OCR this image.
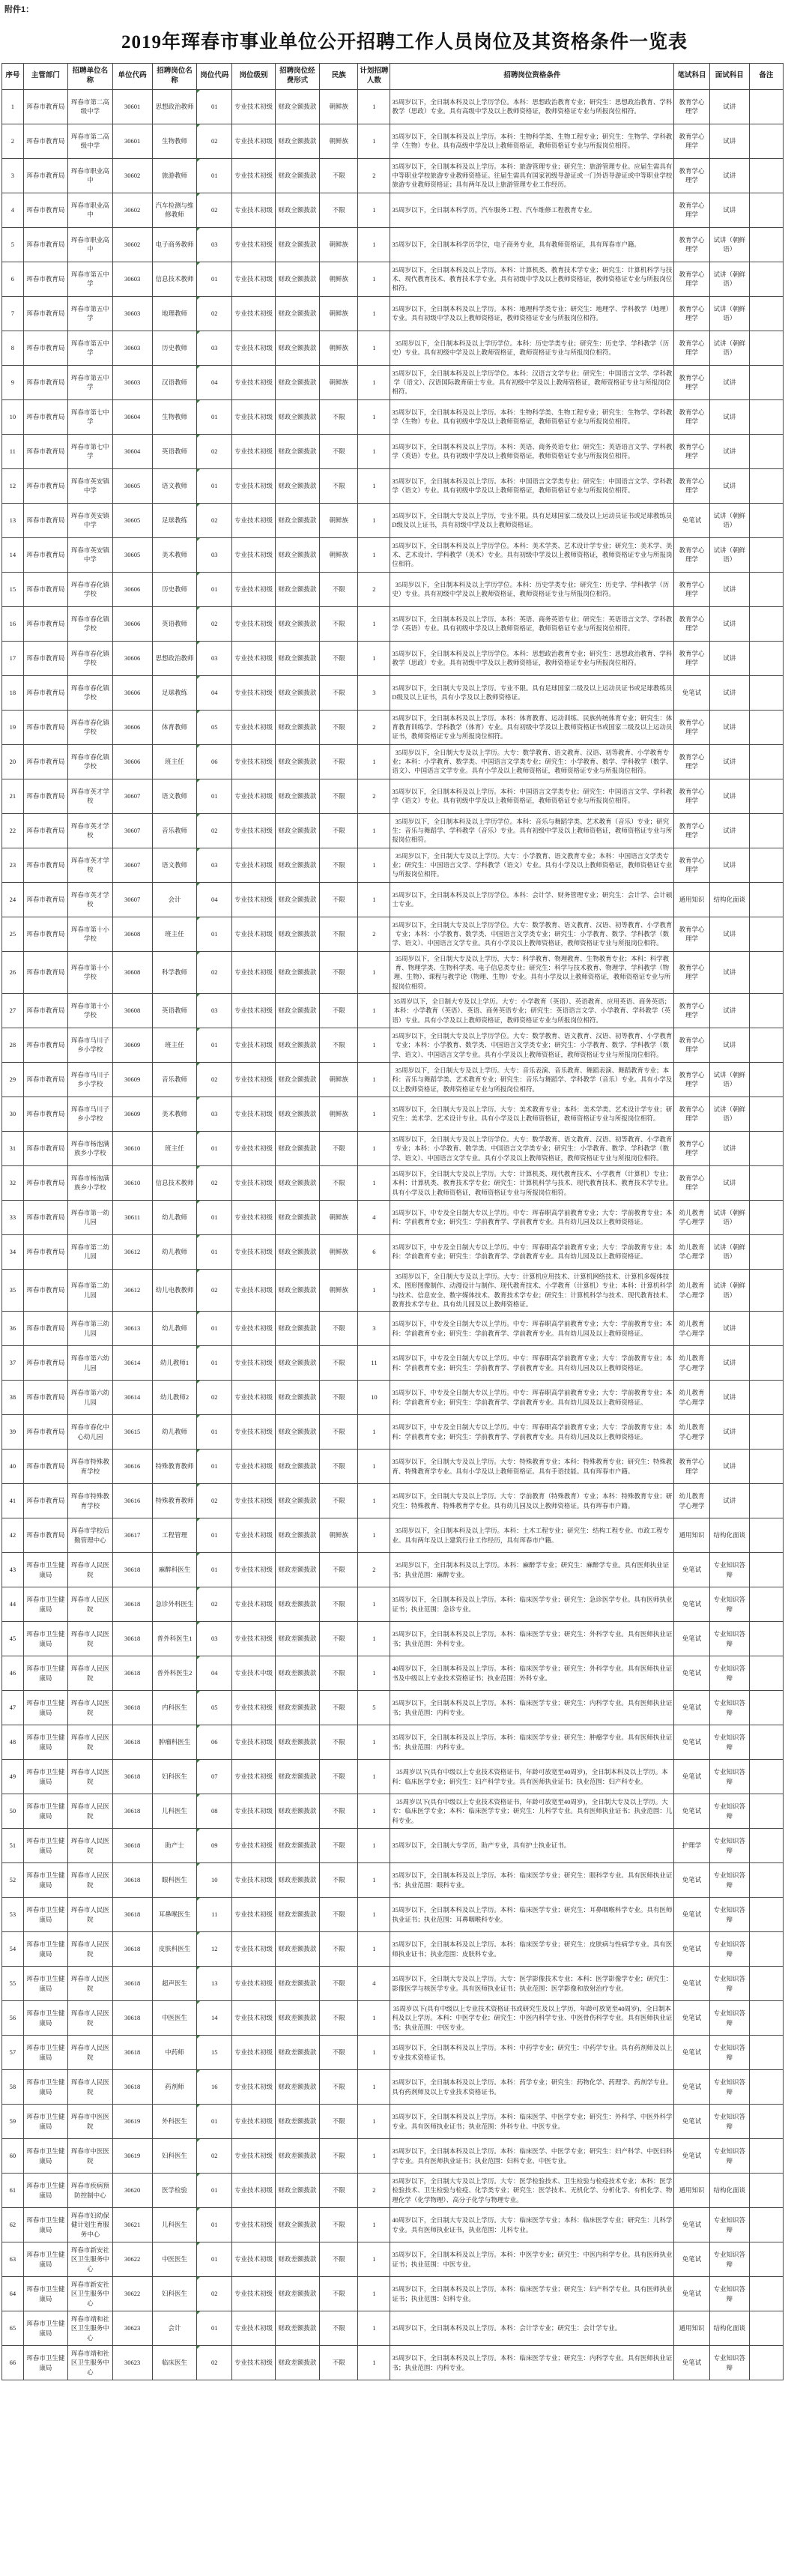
附件1：
2019年珲春市事业单位公开招聘工作人员岗位及其资格条件一览表
序号	主管部门	招聘单位名称	单位代码	招聘岗位名称	岗位代码	岗位级别	招聘岗位经费形式	民族	计划招聘人数	招聘岗位资格条件	笔试科目	面试科目	备注
1	珲春市教育局	珲春市第二高级中学	30601	思想政治教师	01	专业技术初级	财政全额拨款	朝鲜族	1	35周岁以下，全日制本科及以上学历学位。本科：思想政治教育专业；研究生：思想政治教育、学科教学（思政）专业。具有高级中学及以上教师资格证，教师资格证专业与所报岗位相符。	教育学心理学	试讲	
2	珲春市教育局	珲春市第二高级中学	30601	生物教师	02	专业技术初级	财政全额拨款	朝鲜族	1	35周岁以下，全日制本科及以上学历。本科：生物科学类、生物工程专业；研究生：生物学、学科教学（生物）专业。具有高级中学及以上教师资格证，教师资格证专业与所报岗位相符。	教育学心理学	试讲	
3	珲春市教育局	珲春市职业高中	30602	旅游教师	01	专业技术初级	财政全额拨款	不限	2	35周岁以下，全日制本科及以上学历。本科：旅游管理专业；研究生：旅游管理专业。应届生需具有中等职业学校旅游专业教师资格证。往届生需具有国家初级导游证或一门外语导游证或中等职业学校旅游专业教师资格证；具有两年及以上旅游管理专业工作经历。	教育学心理学	试讲	
4	珲春市教育局	珲春市职业高中	30602	汽车检测与维修教师	02	专业技术初级	财政全额拨款	不限	1	35周岁以下，全日制本科学历，汽车服务工程、汽车维修工程教育专业。	教育学心理学	试讲	
5	珲春市教育局	珲春市职业高中	30602	电子商务教师	03	专业技术初级	财政全额拨款	朝鲜族	1	35周岁以下，全日制本科学历学位，电子商务专业，具有教师资格证，具有珲春市户籍。	教育学心理学	试讲（朝鲜语）	
6	珲春市教育局	珲春市第五中学	30603	信息技术教师	01	专业技术初级	财政全额拨款	朝鲜族	1	35周岁以下，全日制本科及以上学历。本科：计算机类、教育技术学专业；研究生：计算机科学与技术、现代教育技术、教育技术学专业。具有初级中学及以上教师资格证，教师资格证专业与所报岗位相符。	教育学心理学	试讲（朝鲜语）	
7	珲春市教育局	珲春市第五中学	30603	地理教师	02	专业技术初级	财政全额拨款	朝鲜族	1	35周岁以下，全日制本科及以上学历。本科：地理科学类专业；研究生：地理学、学科教学（地理）专业。具有初级中学及以上教师资格证，教师资格证专业与所报岗位相符。	教育学心理学	试讲（朝鲜语）	
8	珲春市教育局	珲春市第五中学	30603	历史教师	03	专业技术初级	财政全额拨款	朝鲜族	1	35周岁以下，全日制本科及以上学历学位。本科：历史学类专业；研究生：历史学、学科教学（历史）专业。具有初级中学及以上教师资格证，教师资格证专业与所报岗位相符。	教育学心理学	试讲（朝鲜语）	
9	珲春市教育局	珲春市第五中学	30603	汉语教师	04	专业技术初级	财政全额拨款	朝鲜族	1	35周岁以下，全日制本科及以上学历学位。本科：汉语言文学专业；研究生：中国语言文学、学科教学（语文）、汉语国际教育硕士专业。具有初级中学及以上教师资格证，教师资格证专业与所报岗位相符。	教育学心理学	试讲	
10	珲春市教育局	珲春市第七中学	30604	生物教师	01	专业技术初级	财政全额拨款	不限	1	35周岁以下，全日制本科及以上学历。本科：生物科学类、生物工程专业；研究生：生物学、学科教学（生物）专业。具有初级中学及以上教师资格证，教师资格证专业与所报岗位相符。	教育学心理学	试讲	
11	珲春市教育局	珲春市第七中学	30604	英语教师	02	专业技术初级	财政全额拨款	不限	1	35周岁以下，全日制本科及以上学历。本科：英语、商务英语专业；研究生：英语语言文学、学科教学（英语）专业。具有初级中学及以上教师资格证，教师资格证专业与所报岗位相符。	教育学心理学	试讲	
12	珲春市教育局	珲春市英安镇中学	30605	语文教师	01	专业技术初级	财政全额拨款	不限	1	35周岁以下，全日制本科及以上学历。本科：中国语言文学类专业；研究生：中国语言文学、学科教学（语文）专业。具有初级中学及以上教师资格证，教师资格证专业与所报岗位相符。	教育学心理学	试讲	
13	珲春市教育局	珲春市英安镇中学	30605	足球教练	02	专业技术初级	财政全额拨款	朝鲜族	1	35周岁以下，全日制大专及以上学历，专业不限。具有足球国家二级及以上运动员证书或足球教练员D级及以上证书，具有初级中学及以上教师资格证。	免笔试	试讲（朝鲜语）	
14	珲春市教育局	珲春市英安镇中学	30605	美术教师	03	专业技术初级	财政全额拨款	朝鲜族	1	35周岁以下，全日制本科及以上学历学位。本科：美术学类、艺术设计学专业；研究生：美术学、美术、艺术设计、学科教学（美术）专业。具有初级中学及以上教师资格证，教师资格证专业与所报岗位相符。	教育学心理学	试讲（朝鲜语）	
15	珲春市教育局	珲春市春化镇学校	30606	历史教师	01	专业技术初级	财政全额拨款	不限	2	35周岁以下，全日制本科及以上学历学位。本科：历史学类专业；研究生：历史学、学科教学（历史）专业。具有初级中学及以上教师资格证，教师资格证专业与所报岗位相符。	教育学心理学	试讲	
16	珲春市教育局	珲春市春化镇学校	30606	英语教师	02	专业技术初级	财政全额拨款	不限	1	35周岁以下，全日制本科及以上学历。本科：英语、商务英语专业；研究生：英语语言文学、学科教学（英语）专业。具有初级中学及以上教师资格证，教师资格证专业与所报岗位相符。	教育学心理学	试讲	
17	珲春市教育局	珲春市春化镇学校	30606	思想政治教师	03	专业技术初级	财政全额拨款	不限	1	35周岁以下，全日制本科及以上学历学位。本科：思想政治教育专业；研究生：思想政治教育、学科教学（思政）专业。具有初级中学及以上教师资格证，教师资格证专业与所报岗位相符。	教育学心理学	试讲	
18	珲春市教育局	珲春市春化镇学校	30606	足球教练	04	专业技术初级	财政全额拨款	不限	3	35周岁以下，全日制大专及以上学历。专业不限。具有足球国家二级及以上运动员证书或足球教练员D级及以上证书，具有小学及以上教师资格证。	免笔试	试讲	
19	珲春市教育局	珲春市春化镇学校	30606	体育教师	05	专业技术初级	财政全额拨款	不限	2	35周岁以下，全日制本科及以上学历。本科：体育教育、运动训练、民族传统体育专业；研究生：体育教育训练学、学科教学（体育）专业。具有初级中学及以上教师资格证书或国家二级及以上运动员证书，教师资格证专业与所报岗位相符。	教育学心理学	试讲	
20	珲春市教育局	珲春市春化镇学校	30606	班主任	06	专业技术初级	财政全额拨款	不限	1	35周岁以下，全日制大专及以上学历。大专：数学教育、语文教育、汉语、初等教育、小学教育专业；本科：小学教育、数学类、中国语言文学类专业；研究生：小学教育、数学、学科教学（数学、语文）、中国语言文学专业。具有小学及以上教师资格证，教师资格证专业与所报岗位相符。	教育学心理学	试讲	
21	珲春市教育局	珲春市英才学校	30607	语文教师	01	专业技术初级	财政全额拨款	不限	2	35周岁以下，全日制本科及以上学历。本科：中国语言文学类专业；研究生：中国语言文学、学科教学（语文）专业。具有初级中学及以上教师资格证，教师资格证专业与所报岗位相符。	教育学心理学	试讲	
22	珲春市教育局	珲春市英才学校	30607	音乐教师	02	专业技术初级	财政全额拨款	不限	1	35周岁以下，全日制本科及以上学历学位。本科：音乐与舞蹈学类、艺术教育（音乐）专业；研究生：音乐与舞蹈学、学科教学（音乐）专业。具有初级中学及以上教师资格证，教师资格证专业与所报岗位相符。	教育学心理学	试讲	
23	珲春市教育局	珲春市英才学校	30607	语文教师	03	专业技术初级	财政全额拨款	不限	1	35周岁以下，全日制大专及以上学历。大专：小学教育、语文教育专业；本科：中国语言文学类专业；研究生：中国语言文学、学科教学（语文）专业。具有小学及以上教师资格证，教师资格证专业与所报岗位相符。	教育学心理学	试讲	
24	珲春市教育局	珲春市英才学校	30607	会计	04	专业技术初级	财政全额拨款	不限	1	35周岁以下，全日制本科及以上学历学位。本科：会计学、财务管理专业；研究生：会计学、会计硕士专业。	通用知识	结构化面谈	
25	珲春市教育局	珲春市第十小学校	30608	班主任	01	专业技术初级	财政全额拨款	不限	2	35周岁以下，全日制大专及以上学历学位。大专：数学教育、语文教育、汉语、初等教育、小学教育专业；本科：小学教育、数学类、中国语言文学类专业；研究生：小学教育、数学、学科教学（数学、语文）、中国语言文学专业。具有小学及以上教师资格证，教师资格证专业与所报岗位相符。	教育学心理学	试讲	
26	珲春市教育局	珲春市第十小学校	30608	科学教师	02	专业技术初级	财政全额拨款	不限	1	35周岁以下，全日制大专及以上学历，大专：科学教育、物理教育、生物教育专业；本科：科学教育、物理学类、生物科学类、电子信息类专业；研究生：科学与技术教育、物理学、学科教学（物理、生物）、课程与教学论（物理、生物）专业。具有小学及以上教师资格证，教师资格证专业与所报岗位相符。	教育学心理学	试讲	
27	珲春市教育局	珲春市第十小学校	30608	英语教师	03	专业技术初级	财政全额拨款	不限	1	35周岁以下，全日制大专及以上学历。大专：小学教育（英语）、英语教育、应用英语、商务英语；本科：小学教育（英语）、英语、商务英语专业；研究生：英语语言文学、小学教育、学科教学（英语）专业。具有小学及以上教师资格证，教师资格证专业与所报岗位相符。	教育学心理学	试讲	
28	珲春市教育局	珲春市马川子乡小学校	30609	班主任	01	专业技术初级	财政全额拨款	不限	1	35周岁以下，全日制大专及以上学历学位。大专：数学教育、语文教育、汉语、初等教育、小学教育专业；本科：小学教育、数学类、中国语言文学类专业；研究生：小学教育、数学、学科教学（数学、语文）、中国语言文学专业。具有小学及以上教师资格证，教师资格证专业与所报岗位相符。	教育学心理学	试讲	
29	珲春市教育局	珲春市马川子乡小学校	30609	音乐教师	02	专业技术初级	财政全额拨款	朝鲜族	1	35周岁以下，全日制大专及以上学历。大专：音乐表演、音乐教育、舞蹈表演、舞蹈教育专业；本科：音乐与舞蹈学类、艺术教育专业；研究生：音乐与舞蹈学、学科教学（音乐）专业。具有小学及以上教师资格证，教师资格证专业与所报岗位相符。	教育学心理学	试讲（朝鲜语）	
30	珲春市教育局	珲春市马川子乡小学校	30609	美术教师	03	专业技术初级	财政全额拨款	朝鲜族	1	35周岁以下，全日制大专及以上学历。大专：美术教育专业；本科：美术学类、艺术设计学专业；研究生：美术学、艺术设计专业。具有小学及以上教师资格证，教师资格证专业与所报岗位相符。	教育学心理学	试讲（朝鲜语）	
31	珲春市教育局	珲春市杨泡满族乡小学校	30610	班主任	01	专业技术初级	财政全额拨款	不限	1	35周岁以下，全日制大专及以上学历学位。大专：数学教育、语文教育、汉语、初等教育、小学教育专业；本科：小学教育、数学类、中国语言文学类专业；研究生：小学教育、数学、学科教学（数学、语文）、中国语言文学专业。具有小学及以上教师资格证，教师资格证专业与所报岗位相符。	教育学心理学	试讲	
32	珲春市教育局	珲春市杨泡满族乡小学校	30610	信息技术教师	02	专业技术初级	财政全额拨款	不限	1	35周岁以下，全日制大专及以上学历。大专：计算机类、现代教育技术、小学教育（计算机）专业；本科：计算机类、教育技术学专业；研究生：计算机科学与技术、现代教育技术、教育技术学专业。具有小学及以上教师资格证，教师资格证专业与所报岗位相符。	教育学心理学	试讲	
33	珲春市教育局	珲春市第一幼儿园	30611	幼儿教师	01	专业技术初级	财政全额拨款	朝鲜族	4	35周岁以下，中专及全日制大专以上学历。中专：珲春职高学前教育专业；大专：学前教育专业；本科：学前教育专业；研究生：学前教育学、学前教育专业。具有幼儿园及以上教师资格证。	幼儿教育学心理学	试讲（朝鲜语）	
34	珲春市教育局	珲春市第二幼儿园	30612	幼儿教师	01	专业技术初级	财政全额拨款	朝鲜族	6	35周岁以下，中专及全日制大专以上学历。中专：珲春职高学前教育专业；大专：学前教育专业；本科：学前教育专业；研究生：学前教育学、学前教育专业。具有幼儿园及以上教师资格证。	幼儿教育学心理学	试讲（朝鲜语）	
35	珲春市教育局	珲春市第二幼儿园	30612	幼儿电教教师	02	专业技术初级	财政全额拨款	朝鲜族	1	35周岁以下，全日制大专及以上学历。大专：计算机应用技术、计算机网络技术、计算机多媒体技术、图形图像制作、动漫设计与制作、现代教育技术、小学教育（计算机）专业；本科：计算机科学与技术、信息安全、数字媒体技术、教育技术学专业；研究生：计算机科学与技术、现代教育技术、教育技术学专业。具有幼儿园及以上教师资格证。	幼儿教育学心理学	试讲（朝鲜语）	
36	珲春市教育局	珲春市第三幼儿园	30613	幼儿教师	01	专业技术初级	财政全额拨款	不限	3	35周岁以下，中专及全日制大专以上学历。中专：珲春职高学前教育专业；大专：学前教育专业；本科：学前教育专业；研究生：学前教育学、学前教育专业。具有幼儿园及以上教师资格证。	幼儿教育学心理学	试讲	
37	珲春市教育局	珲春市第六幼儿园	30614	幼儿教师1	01	专业技术初级	财政全额拨款	不限	11	35周岁以下，中专及全日制大专以上学历。中专：珲春职高学前教育专业；大专：学前教育专业；本科：学前教育专业；研究生：学前教育学、学前教育专业。具有幼儿园及以上教师资格证。	幼儿教育学心理学	试讲	
38	珲春市教育局	珲春市第六幼儿园	30614	幼儿教师2	02	专业技术初级	财政全额拨款	不限	10	35周岁以下，中专及全日制大专以上学历。中专：珲春职高学前教育专业；大专：学前教育专业；本科：学前教育专业；研究生：学前教育学、学前教育专业。具有幼儿园及以上教师资格证。	幼儿教育学心理学	试讲	
39	珲春市教育局	珲春市春化中心幼儿园	30615	幼儿教师	01	专业技术初级	财政全额拨款	不限	1	35周岁以下，中专及全日制大专以上学历。中专：珲春职高学前教育专业；大专：学前教育专业；本科：学前教育专业；研究生：学前教育学、学前教育专业。具有幼儿园及以上教师资格证。	幼儿教育学心理学	试讲	
40	珲春市教育局	珲春市特殊教育学校	30616	特殊教育教师	01	专业技术初级	财政全额拨款	不限	1	35周岁以下，全日制大专及以上学历。大专：特殊教育专业；本科：特殊教育专业；研究生：特殊教育、特殊教育学专业。具有小学及以上教师资格证。具有手语技能。具有珲春市户籍。	教育学心理学	试讲	
41	珲春市教育局	珲春市特殊教育学校	30616	特殊教育教师	02	专业技术初级	财政全额拨款	不限	1	35周岁以下，全日制大专及以上学历。大专：学前教育（特殊教育）专业；本科：特殊教育专业；研究生：特殊教育、特殊教育学专业。具有幼儿园及以上教师资格证。具有珲春市户籍。	幼儿教育学心理学	试讲	
42	珲春市教育局	珲春市学校后勤管理中心	30617	工程管理	01	专业技术初级	财政全额拨款	朝鲜族	1	35周岁以下，全日制本科及以上学历。本科：土木工程专业；研究生：结构工程专业、市政工程专业。具有两年及以上建筑行业工作经历，具有珲春市户籍。	通用知识	结构化面谈	
43	珲春市卫生健康局	珲春市人民医院	30618	麻醉科医生	01	专业技术初级	财政差额拨款	不限	2	35周岁以下，全日制本科及以上学历。本科：麻醉学专业；研究生：麻醉学专业。具有医师执业证书；执业范围：麻醉专业。	免笔试	专业知识答辩	
44	珲春市卫生健康局	珲春市人民医院	30618	急诊外科医生	02	专业技术初级	财政差额拨款	不限	1	35周岁以下，全日制本科及以上学历。本科：临床医学专业；研究生：急诊医学专业。具有医师执业证书；执业范围：急诊专业。	免笔试	专业知识答辩	
45	珲春市卫生健康局	珲春市人民医院	30618	普外科医生1	03	专业技术初级	财政差额拨款	不限	1	35周岁以下，全日制本科及以上学历。本科：临床医学专业；研究生：外科学专业。具有医师执业证书；执业范围：外科专业。	免笔试	专业知识答辩	
46	珲春市卫生健康局	珲春市人民医院	30618	普外科医生2	04	专业技术中级	财政差额拨款	不限	1	40周岁以下，全日制本科及以上学历。本科：临床医学专业；研究生：外科学专业。具有医师执业证书及中级以上专业技术资格证书；执业范围：外科专业。	免笔试	专业知识答辩	
47	珲春市卫生健康局	珲春市人民医院	30618	内科医生	05	专业技术初级	财政差额拨款	不限	5	35周岁以下，全日制本科及以上学历。本科：临床医学专业；研究生：内科学专业。具有医师执业证书；执业范围：内科专业。	免笔试	专业知识答辩	
48	珲春市卫生健康局	珲春市人民医院	30618	肿瘤科医生	06	专业技术初级	财政差额拨款	不限	1	35周岁以下，全日制本科及以上学历。本科：临床医学专业；研究生：肿瘤学专业。具有医师执业证书；执业范围：内科专业。	免笔试	专业知识答辩	
49	珲春市卫生健康局	珲春市人民医院	30618	妇科医生	07	专业技术初级	财政差额拨款	不限	1	35周岁以下(具有中级以上专业技术资格证书，年龄可放宽至40周岁)，全日制本科及以上学历。本科：临床医学专业；研究生：妇产科学专业。具有医师执业证书；执业范围：妇产科专业。	免笔试	专业知识答辩	
50	珲春市卫生健康局	珲春市人民医院	30618	儿科医生	08	专业技术初级	财政差额拨款	不限	1	35周岁以下(具有中级以上专业技术资格证书，年龄可放宽至40周岁)，全日制大专及以上学历。大专：临床医学专业；本科：临床医学专业；研究生：儿科学专业。具有医师执业证书；执业范围：儿科专业。	免笔试	专业知识答辩	
51	珲春市卫生健康局	珲春市人民医院	30618	助产士	09	专业技术初级	财政差额拨款	不限	1	35周岁以下，全日制大专学历，助产专业，具有护士执业证书。	护理学	专业知识答辩	
52	珲春市卫生健康局	珲春市人民医院	30618	眼科医生	10	专业技术初级	财政差额拨款	不限	1	35周岁以下，全日制本科及以上学历。本科：临床医学专业；研究生：眼科学专业。具有医师执业证书；执业范围：眼科专业。	免笔试	专业知识答辩	
53	珲春市卫生健康局	珲春市人民医院	30618	耳鼻喉医生	11	专业技术初级	财政差额拨款	不限	1	35周岁以下，全日制本科及以上学历。本科：临床医学专业；研究生：耳鼻咽喉科学专业。具有医师执业证书；执业范围：耳鼻咽喉科专业。	免笔试	专业知识答辩	
54	珲春市卫生健康局	珲春市人民医院	30618	皮肤科医生	12	专业技术初级	财政差额拨款	不限	1	35周岁以下，全日制本科及以上学历。本科：临床医学专业；研究生：皮肤病与性病学专业。具有医师执业证书；执业范围：皮肤科专业。	免笔试	专业知识答辩	
55	珲春市卫生健康局	珲春市人民医院	30618	超声医生	13	专业技术初级	财政差额拨款	不限	4	35周岁以下，全日制大专及以上学历。大专：医学影像技术专业；本科：医学影像学专业；研究生：影像医学与核医学专业。具有医师执业证书；执业范围：医学影像和放射治疗专业。	免笔试	专业知识答辩	
56	珲春市卫生健康局	珲春市人民医院	30618	中医医生	14	专业技术初级	财政差额拨款	不限	1	35周岁以下(具有中级以上专业技术资格证书或研究生及以上学历，年龄可放宽至40周岁)，全日制本科及以上学历。本科：中医学专业；研究生：中医内科学专业、中医骨伤科学专业。具有医师执业证书；执业范围：中医专业。	免笔试	专业知识答辩	
57	珲春市卫生健康局	珲春市人民医院	30618	中药师	15	专业技术初级	财政差额拨款	不限	1	35周岁以下，全日制本科及以上学历。本科：中药学专业；研究生：中药学专业。具有药剂师及以上专业技术资格证书。	免笔试	专业知识答辩	
58	珲春市卫生健康局	珲春市人民医院	30618	药剂师	16	专业技术初级	财政差额拨款	不限	1	35周岁以下，全日制本科及以上学历。本科：药学专业；研究生：药物化学、药理学、药剂学专业。具有药剂师及以上专业技术资格证书。	免笔试	专业知识答辩	
59	珲春市卫生健康局	珲春市中医医院	30619	外科医生	01	专业技术初级	财政差额拨款	不限	1	35周岁以下，全日制本科及以上学历。本科：临床医学、中医学专业；研究生：外科学、中医外科学专业。具有医师执业证书；执业范围：外科专业、中医专业。	免笔试	专业知识答辩	
60	珲春市卫生健康局	珲春市中医医院	30619	妇科医生	02	专业技术初级	财政差额拨款	不限	1	35周岁以下，全日制本科及以上学历。本科：临床医学、中医学专业；研究生：妇产科学、中医妇科学专业。具有医师执业证书；执业范围：妇科专业、中医专业。	免笔试	专业知识答辩	
61	珲春市卫生健康局	珲春市疾病预防控制中心	30620	医学检验	01	专业技术初级	财政全额拨款	不限	2	35周岁以下，全日制大专及以上学历。大专：医学检验技术、卫生检验与检疫技术专业；本科：医学检验技术、卫生检验与检疫、化学类专业；研究生：医学技术、无机化学、分析化学、有机化学、物理化学（化学物理）、高分子化学与物理专业。	通用知识	结构化面谈	
62	珲春市卫生健康局	珲春市妇幼保健计划生育服务中心	30621	儿科医生	01	专业技术初级	财政全额拨款	不限	1	40周岁以下，全日制大专及以上学历。大专：临床医学专业；本科：临床医学专业；研究生：儿科学专业。具有医师执业证书，执业范围：儿科专业。	免笔试	专业知识答辩	
63	珲春市卫生健康局	珲春市新安社区卫生服务中心	30622	中医医生	01	专业技术初级	财政差额拨款	不限	1	35周岁以下，全日制本科及以上学历。本科：中医学专业；研究生：中医内科学专业。具有医师执业证书；执业范围：中医专业。	免笔试	专业知识答辩	
64	珲春市卫生健康局	珲春市新安社区卫生服务中心	30622	妇科医生	02	专业技术初级	财政差额拨款	不限	1	35周岁以下，全日制本科及以上学历。本科：临床医学专业；研究生：妇产科学专业。具有医师执业证书；执业范围：妇科专业。	免笔试	专业知识答辩	
65	珲春市卫生健康局	珲春市靖和社区卫生服务中心	30623	会计	01	专业技术初级	财政差额拨款	不限	1	35周岁以下，全日制本科及以上学历。本科：会计学专业；研究生：会计学专业。	通用知识	结构化面谈	
66	珲春市卫生健康局	珲春市靖和社区卫生服务中心	30623	临床医生	02	专业技术初级	财政差额拨款	不限	1	35周岁以下，全日制本科及以上学历。本科：临床医学专业；研究生：内科学专业。具有医师执业证书；执业范围：内科专业。	免笔试	专业知识答辩	
